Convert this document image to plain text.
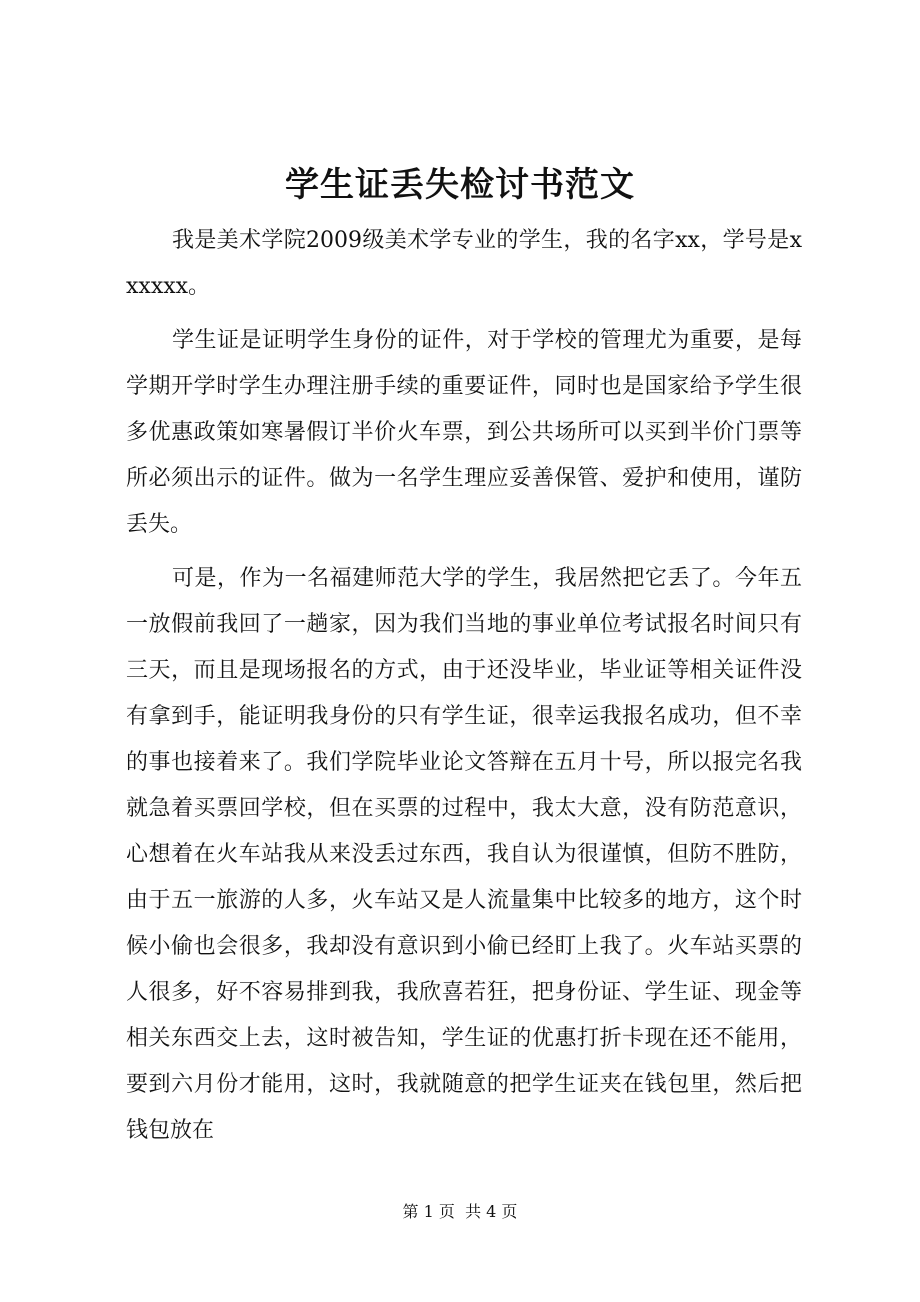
学生证丢失检讨书范文

我是美术学院2009级美术学专业的学生，我的名字xx，学号是xxxxxx。

学生证是证明学生身份的证件，对于学校的管理尤为重要，是每学期开学时学生办理注册手续的重要证件，同时也是国家给予学生很多优惠政策如寒暑假订半价火车票，到公共场所可以买到半价门票等所必须出示的证件。做为一名学生理应妥善保管、爱护和使用，谨防丢失。

可是，作为一名福建师范大学的学生，我居然把它丢了。今年五一放假前我回了一趟家，因为我们当地的事业单位考试报名时间只有三天，而且是现场报名的方式，由于还没毕业，毕业证等相关证件没有拿到手，能证明我身份的只有学生证，很幸运我报名成功，但不幸的事也接着来了。我们学院毕业论文答辩在五月十号，所以报完名我就急着买票回学校，但在买票的过程中，我太大意，没有防范意识，心想着在火车站我从来没丢过东西，我自认为很谨慎，但防不胜防，由于五一旅游的人多，火车站又是人流量集中比较多的地方，这个时候小偷也会很多，我却没有意识到小偷已经盯上我了。火车站买票的人很多，好不容易排到我，我欣喜若狂，把身份证、学生证、现金等相关东西交上去，这时被告知，学生证的优惠打折卡现在还不能用，要到六月份才能用，这时，我就随意的把学生证夹在钱包里，然后把钱包放在

第 1 页  共 4 页
